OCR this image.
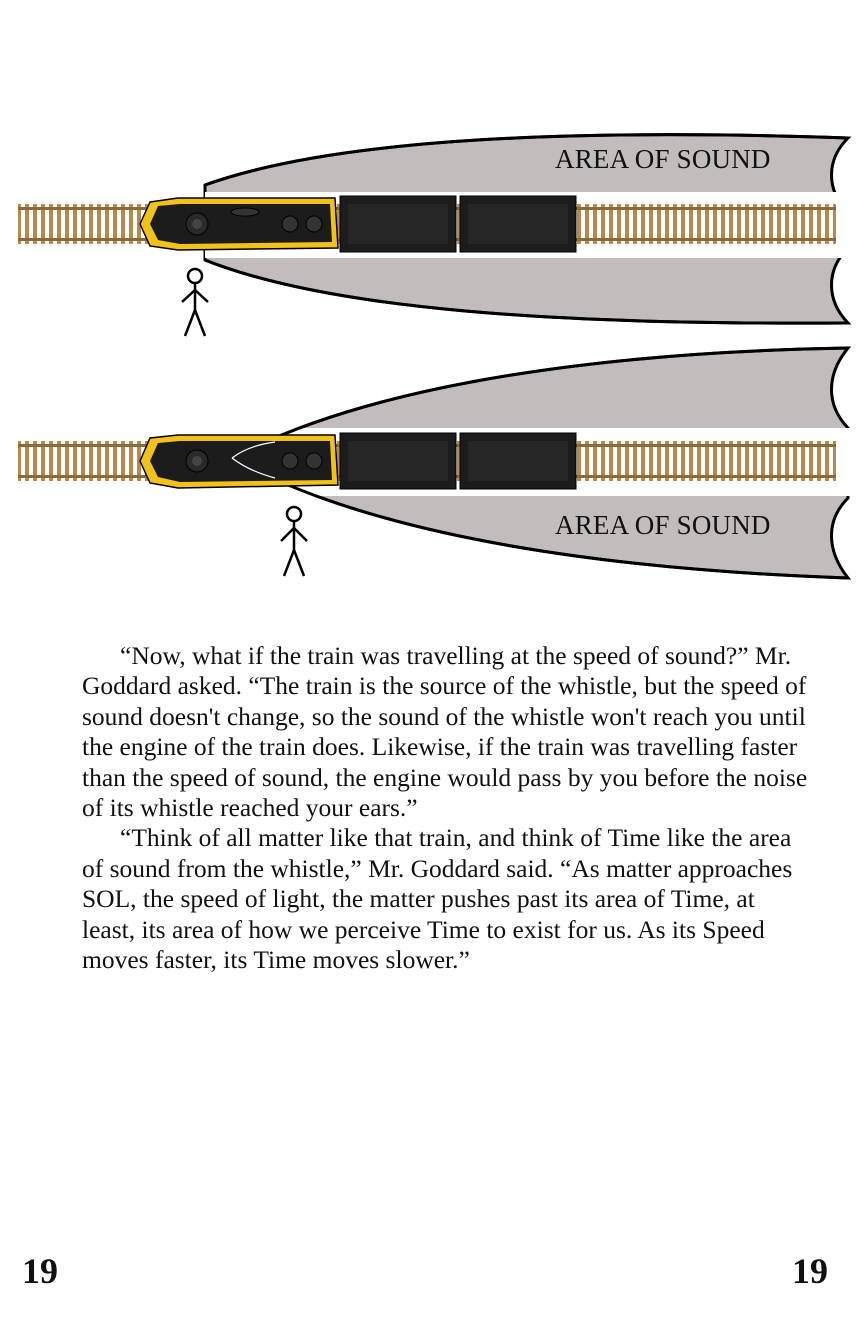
AREA OF SOUND
AREA OF SOUND

“Now, what if the train was travelling at the speed of sound?” Mr. Goddard asked. “The train is the source of the whistle, but the speed of sound doesn't change, so the sound of the whistle won't reach you until the engine of the train does. Likewise, if the train was travelling faster than the speed of sound, the engine would pass by you before the noise of its whistle reached your ears.”

“Think of all matter like that train, and think of Time like the area of sound from the whistle,” Mr. Goddard said. “As matter approaches SOL, the speed of light, the matter pushes past its area of Time, at least, its area of how we perceive Time to exist for us. As its Speed moves faster, its Time moves slower.”

19	19
